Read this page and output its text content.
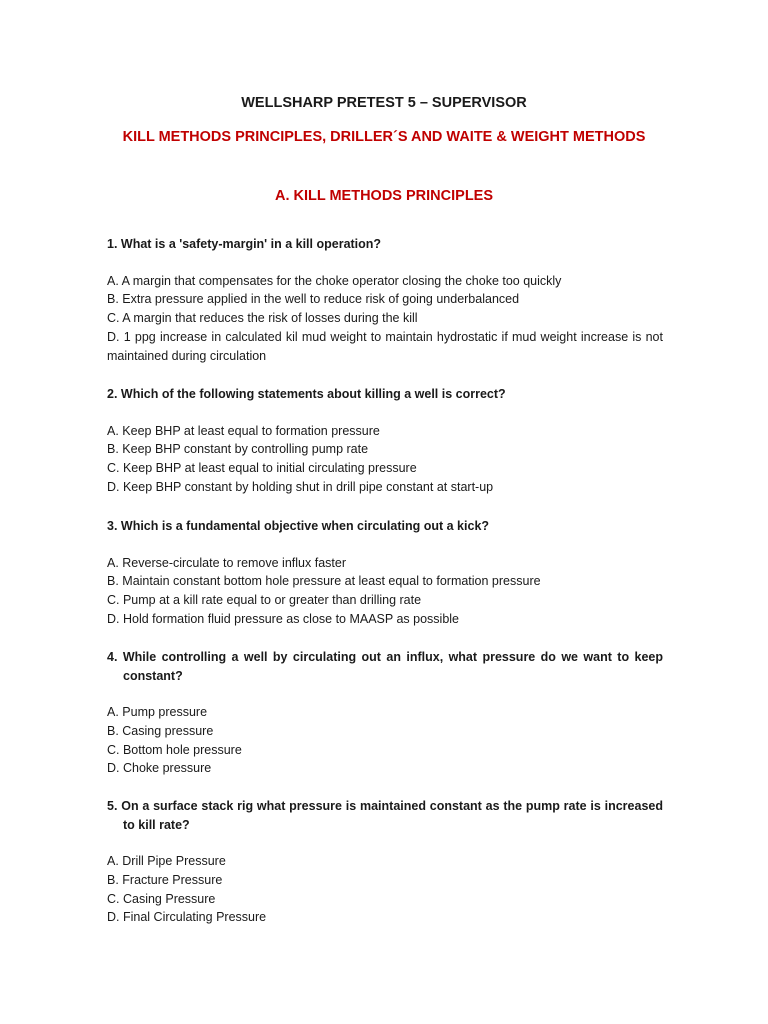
WELLSHARP PRETEST 5 – SUPERVISOR
KILL METHODS PRINCIPLES, DRILLER´S AND WAITE & WEIGHT METHODS
A. KILL METHODS PRINCIPLES
1. What is a 'safety-margin' in a kill operation?
A. A margin that compensates for the choke operator closing the choke too quickly
B. Extra pressure applied in the well to reduce risk of going underbalanced
C. A margin that reduces the risk of losses during the kill
D. 1 ppg increase in calculated kil mud weight to maintain hydrostatic if mud weight increase is not maintained during circulation
2. Which of the following statements about killing a well is correct?
A. Keep BHP at least equal to formation pressure
B. Keep BHP constant by controlling pump rate
C. Keep BHP at least equal to initial circulating pressure
D. Keep BHP constant by holding shut in drill pipe constant at start-up
3. Which is a fundamental objective when circulating out a kick?
A. Reverse-circulate to remove influx faster
B. Maintain constant bottom hole pressure at least equal to formation pressure
C. Pump at a kill rate equal to or greater than drilling rate
D. Hold formation fluid pressure as close to MAASP as possible
4. While controlling a well by circulating out an influx, what pressure do we want to keep constant?
A. Pump pressure
B. Casing pressure
C. Bottom hole pressure
D. Choke pressure
5. On a surface stack rig what pressure is maintained constant as the pump rate is increased to kill rate?
A. Drill Pipe Pressure
B. Fracture Pressure
C. Casing Pressure
D. Final Circulating Pressure
